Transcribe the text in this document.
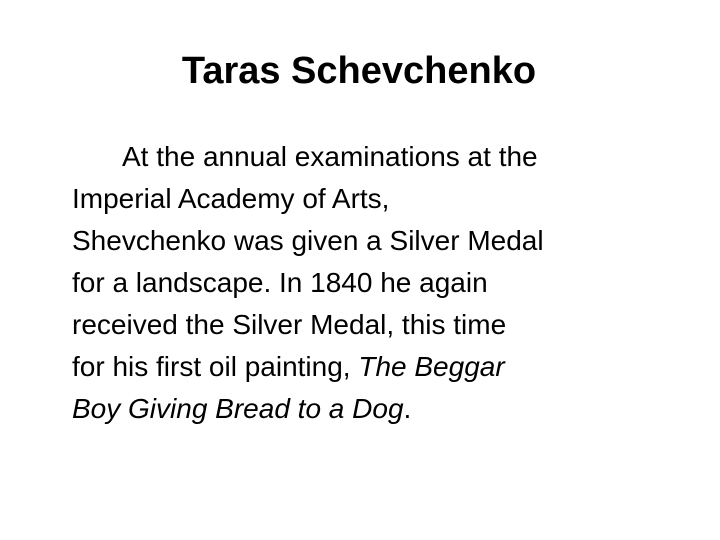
Taras Schevchenko
At the annual examinations at the
Imperial Academy of Arts,
Shevchenko was given a Silver Medal
for a landscape. In 1840 he again
received the Silver Medal, this time
for his first oil painting, The Beggar
Boy Giving Bread to a Dog.
